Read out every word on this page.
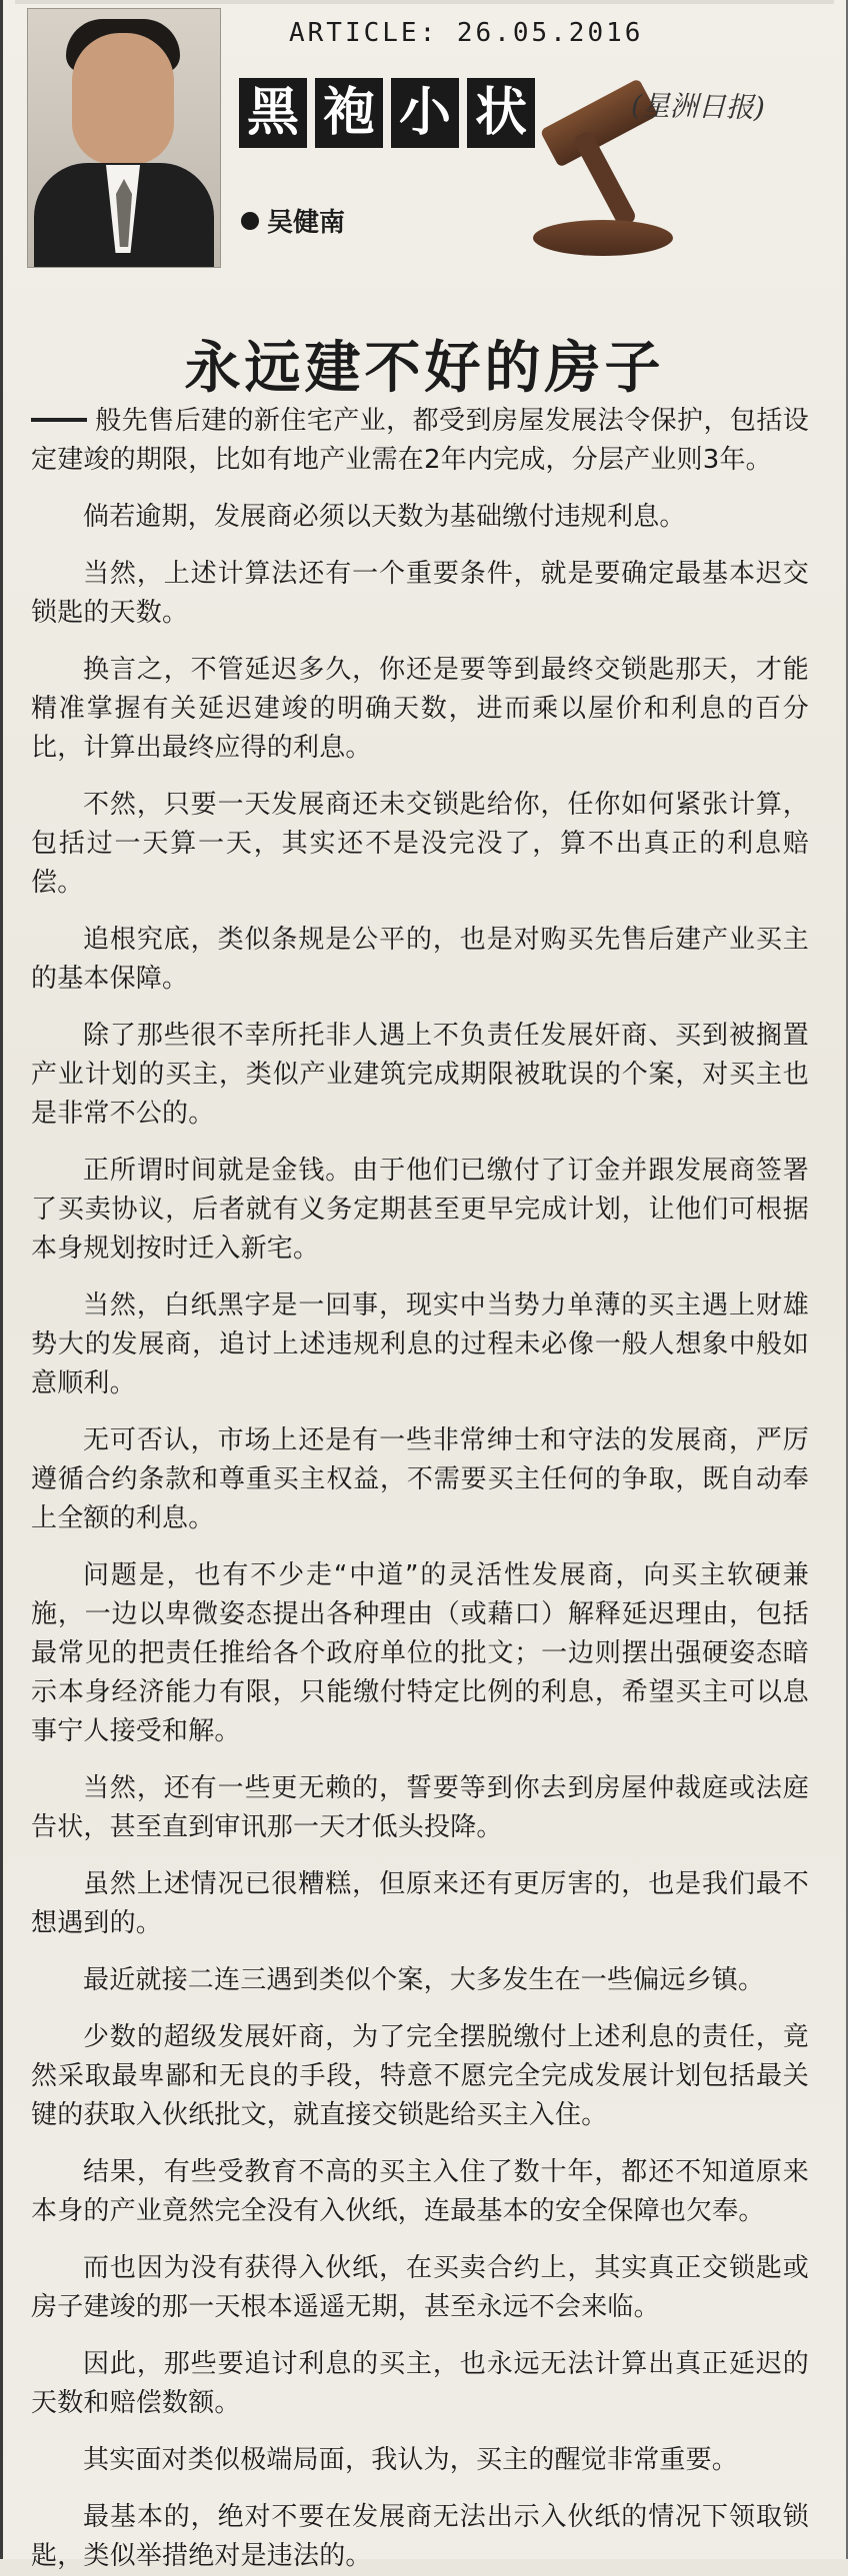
ARTICLE: 26.05.2016
黑 袍 小 状
吴健南
(星洲日报)
永远建不好的房子

般先售后建的新住宅产业，都受到房屋发展法令保护，包括设定建竣的期限，比如有地产业需在2年内完成，分层产业则3年。

倘若逾期，发展商必须以天数为基础缴付违规利息。

当然，上述计算法还有一个重要条件，就是要确定最基本迟交锁匙的天数。

换言之，不管延迟多久，你还是要等到最终交锁匙那天，才能精准掌握有关延迟建竣的明确天数，进而乘以屋价和利息的百分比，计算出最终应得的利息。

不然，只要一天发展商还未交锁匙给你，任你如何紧张计算，包括过一天算一天，其实还不是没完没了，算不出真正的利息赔偿。

追根究底，类似条规是公平的，也是对购买先售后建产业买主的基本保障。

除了那些很不幸所托非人遇上不负责任发展奸商、买到被搁置产业计划的买主，类似产业建筑完成期限被耽误的个案，对买主也是非常不公的。

正所谓时间就是金钱。由于他们已缴付了订金并跟发展商签署了买卖协议，后者就有义务定期甚至更早完成计划，让他们可根据本身规划按时迁入新宅。

当然，白纸黑字是一回事，现实中当势力单薄的买主遇上财雄势大的发展商，追讨上述违规利息的过程未必像一般人想象中般如意顺利。

无可否认，市场上还是有一些非常绅士和守法的发展商，严厉遵循合约条款和尊重买主权益，不需要买主任何的争取，既自动奉上全额的利息。

问题是，也有不少走“中道”的灵活性发展商，向买主软硬兼施，一边以卑微姿态提出各种理由（或藉口）解释延迟理由，包括最常见的把责任推给各个政府单位的批文；一边则摆出强硬姿态暗示本身经济能力有限，只能缴付特定比例的利息，希望买主可以息事宁人接受和解。

当然，还有一些更无赖的，誓要等到你去到房屋仲裁庭或法庭告状，甚至直到审讯那一天才低头投降。

虽然上述情况已很糟糕，但原来还有更厉害的，也是我们最不想遇到的。

最近就接二连三遇到类似个案，大多发生在一些偏远乡镇。

少数的超级发展奸商，为了完全摆脱缴付上述利息的责任，竟然采取最卑鄙和无良的手段，特意不愿完全完成发展计划包括最关键的获取入伙纸批文，就直接交锁匙给买主入住。

结果，有些受教育不高的买主入住了数十年，都还不知道原来本身的产业竟然完全没有入伙纸，连最基本的安全保障也欠奉。

而也因为没有获得入伙纸，在买卖合约上，其实真正交锁匙或房子建竣的那一天根本遥遥无期，甚至永远不会来临。

因此，那些要追讨利息的买主，也永远无法计算出真正延迟的天数和赔偿数额。

其实面对类似极端局面，我认为，买主的醒觉非常重要。

最基本的，绝对不要在发展商无法出示入伙纸的情况下领取锁匙，类似举措绝对是违法的。
